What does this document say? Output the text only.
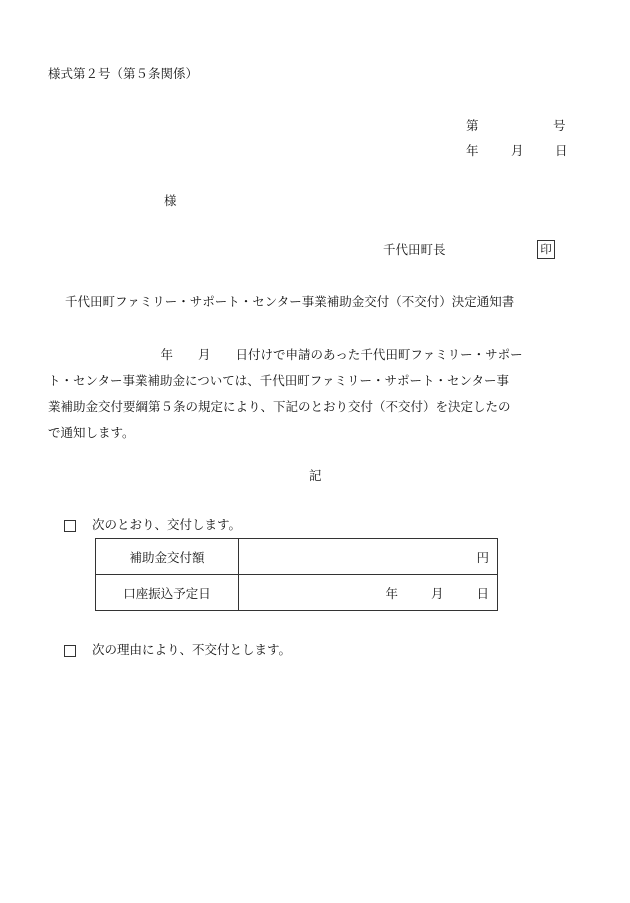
様式第２号（第５条関係）
第	号
年	月	日
様
千代田町長	印
千代田町ファミリー・サポート・センター事業補助金交付（不交付）決定通知書
　　　　　　　　　年　　月　　日付けで申請のあった千代田町ファミリー・サポー
ト・センター事業補助金については、千代田町ファミリー・サポート・センター事
業補助金交付要綱第５条の規定により、下記のとおり交付（不交付）を決定したの
で通知します。
記
次のとおり、交付します。
補助金交付額	円
口座振込予定日	年 月 日
次の理由により、不交付とします。
